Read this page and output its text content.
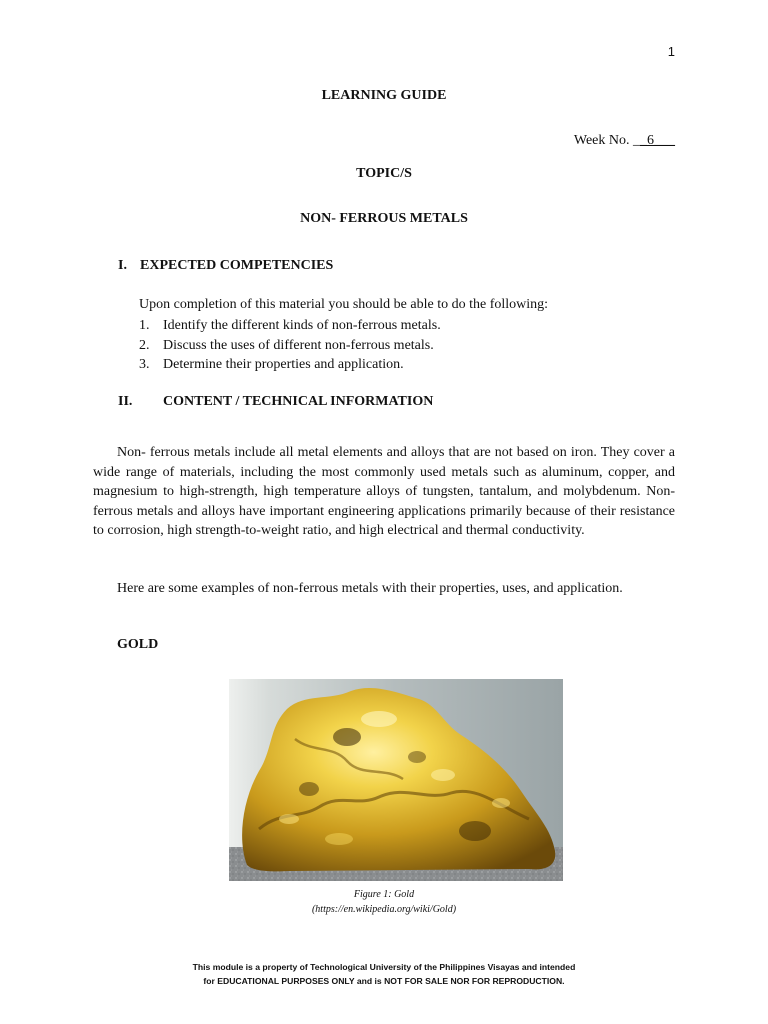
1
LEARNING GUIDE
Week No. __6___
TOPIC/S
NON- FERROUS METALS
I. EXPECTED COMPETENCIES
Upon completion of this material you should be able to do the following:
1. Identify the different kinds of non-ferrous metals.
2. Discuss the uses of different non-ferrous metals.
3. Determine their properties and application.
II.	CONTENT / TECHNICAL INFORMATION

Non- ferrous metals include all metal elements and alloys that are not based on iron. They cover a wide range of materials, including the most commonly used metals such as aluminum, copper, and magnesium to high-strength, high temperature alloys of tungsten, tantalum, and molybdenum. Non- ferrous metals and alloys have important engineering applications primarily because of their resistance to corrosion, high strength-to-weight ratio, and high electrical and thermal conductivity.

Here are some examples of non-ferrous metals with their properties, uses, and application.

GOLD
Figure 1: Gold
(https://en.wikipedia.org/wiki/Gold)
This module is a property of Technological University of the Philippines Visayas and intended
for EDUCATIONAL PURPOSES ONLY and is NOT FOR SALE NOR FOR REPRODUCTION.
